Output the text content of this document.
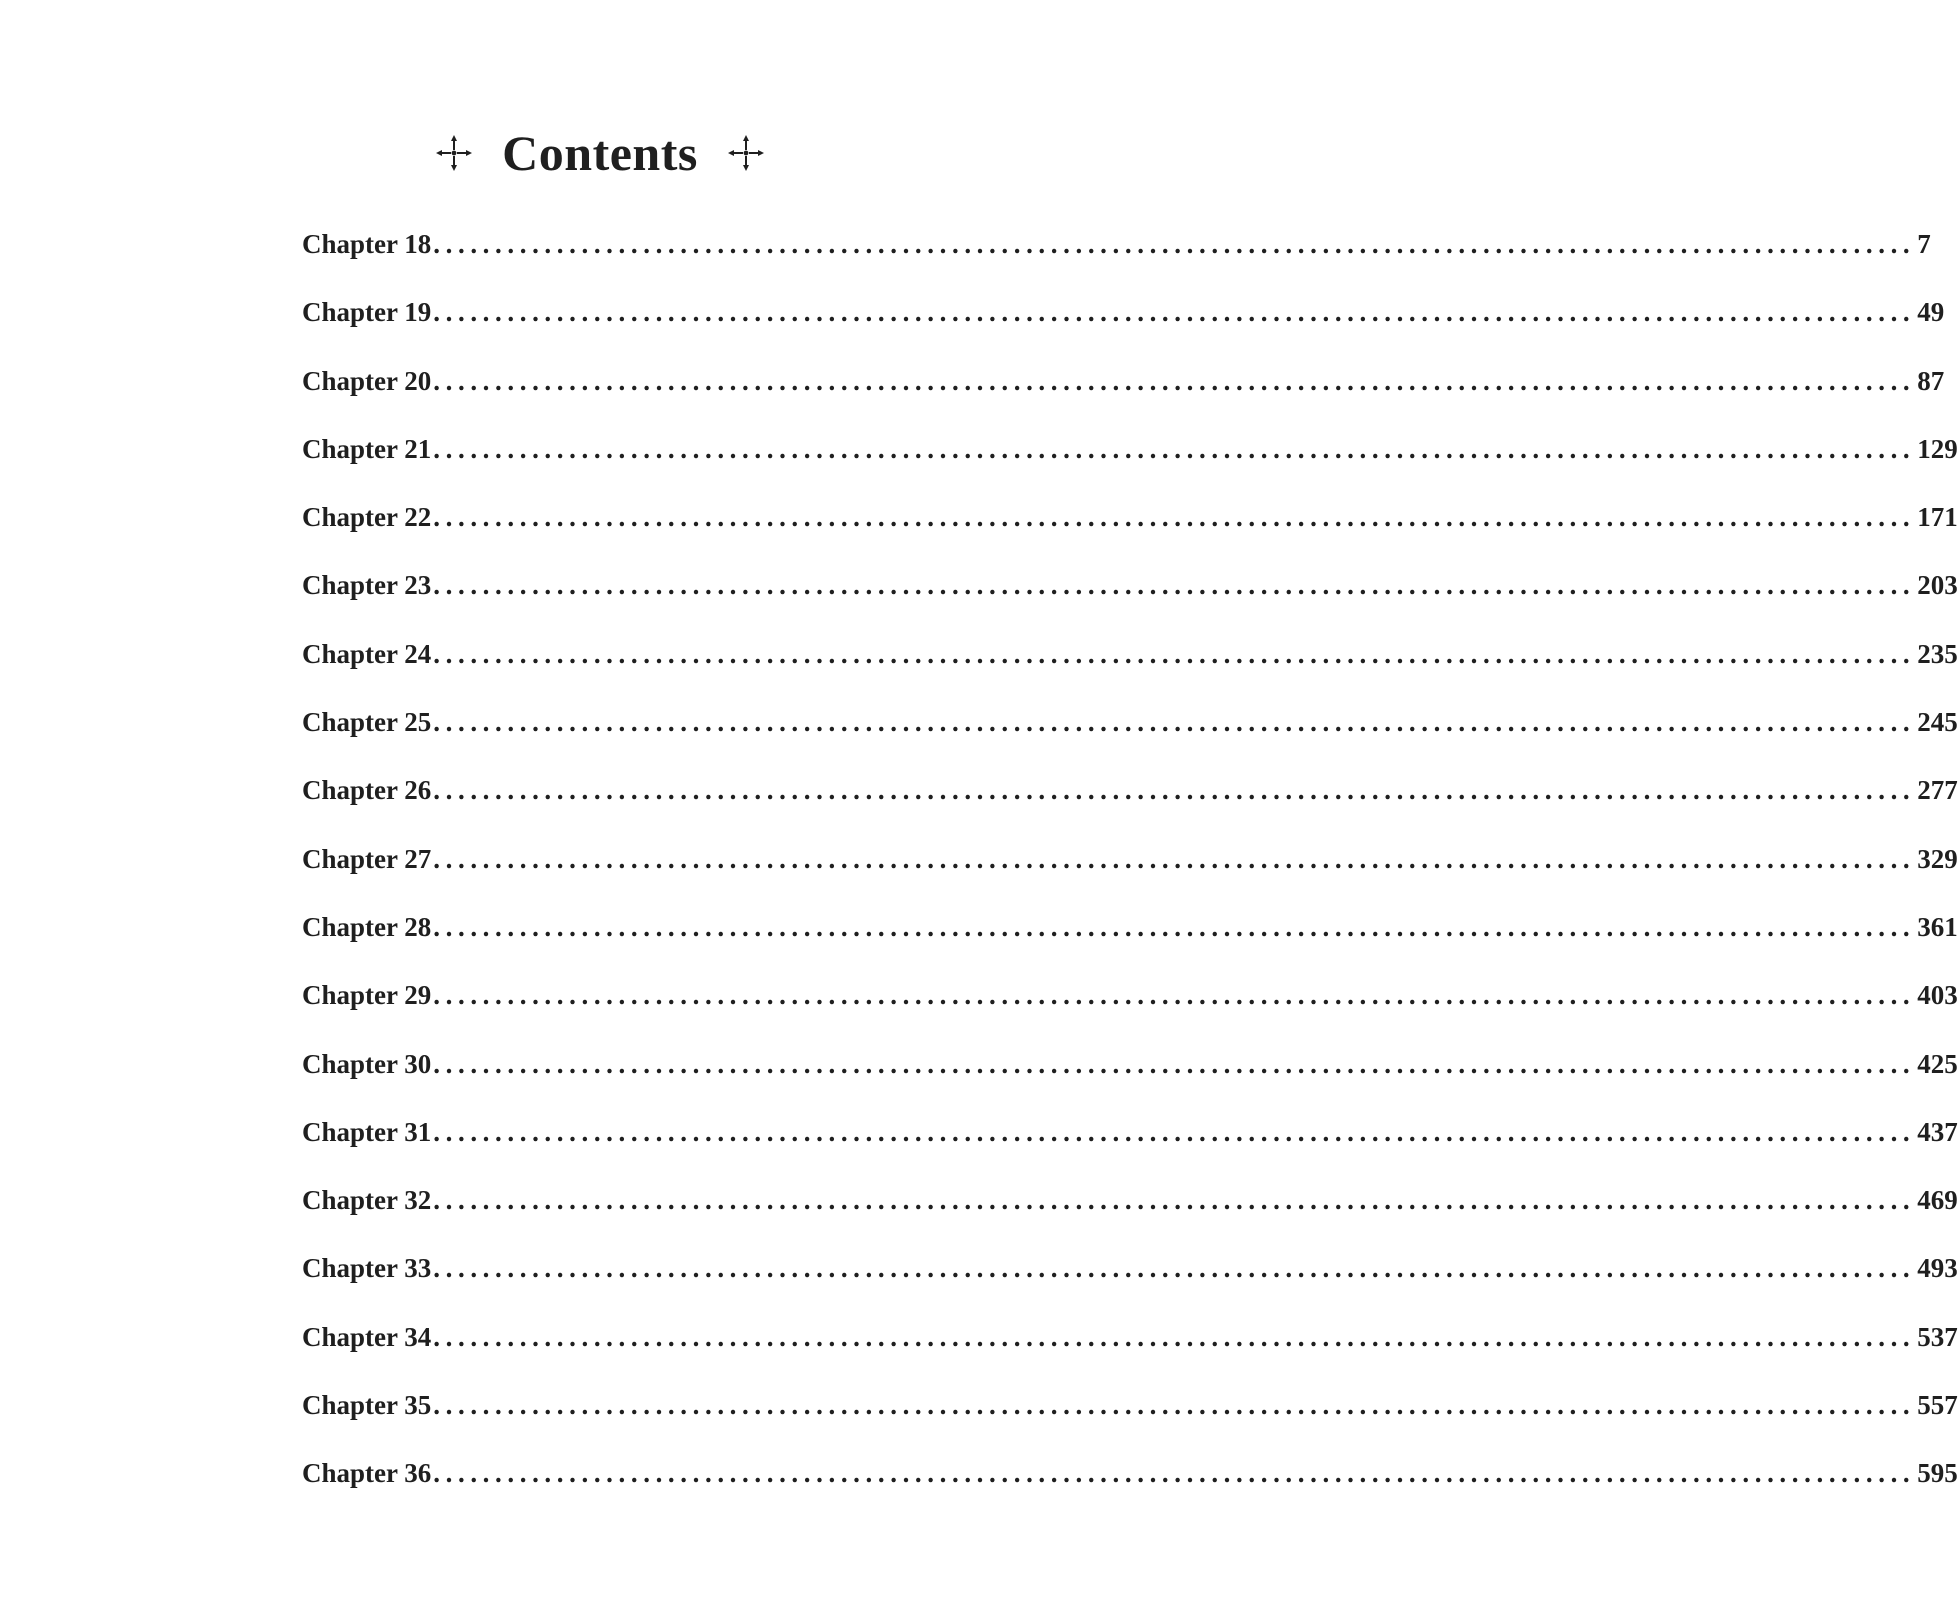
Contents
Chapter 18 ........................................................................................................................ 7
Chapter 19 ........................................................................................................................ 49
Chapter 20 ........................................................................................................................ 87
Chapter 21 ........................................................................................................................ 129
Chapter 22 ........................................................................................................................ 171
Chapter 23 ........................................................................................................................ 203
Chapter 24 ........................................................................................................................ 235
Chapter 25 ........................................................................................................................ 245
Chapter 26 ........................................................................................................................ 277
Chapter 27 ........................................................................................................................ 329
Chapter 28 ........................................................................................................................ 361
Chapter 29 ........................................................................................................................ 403
Chapter 30 ........................................................................................................................ 425
Chapter 31 ........................................................................................................................ 437
Chapter 32 ........................................................................................................................ 469
Chapter 33 ........................................................................................................................ 493
Chapter 34 ........................................................................................................................ 537
Chapter 35 ........................................................................................................................ 557
Chapter 36 ........................................................................................................................ 595
